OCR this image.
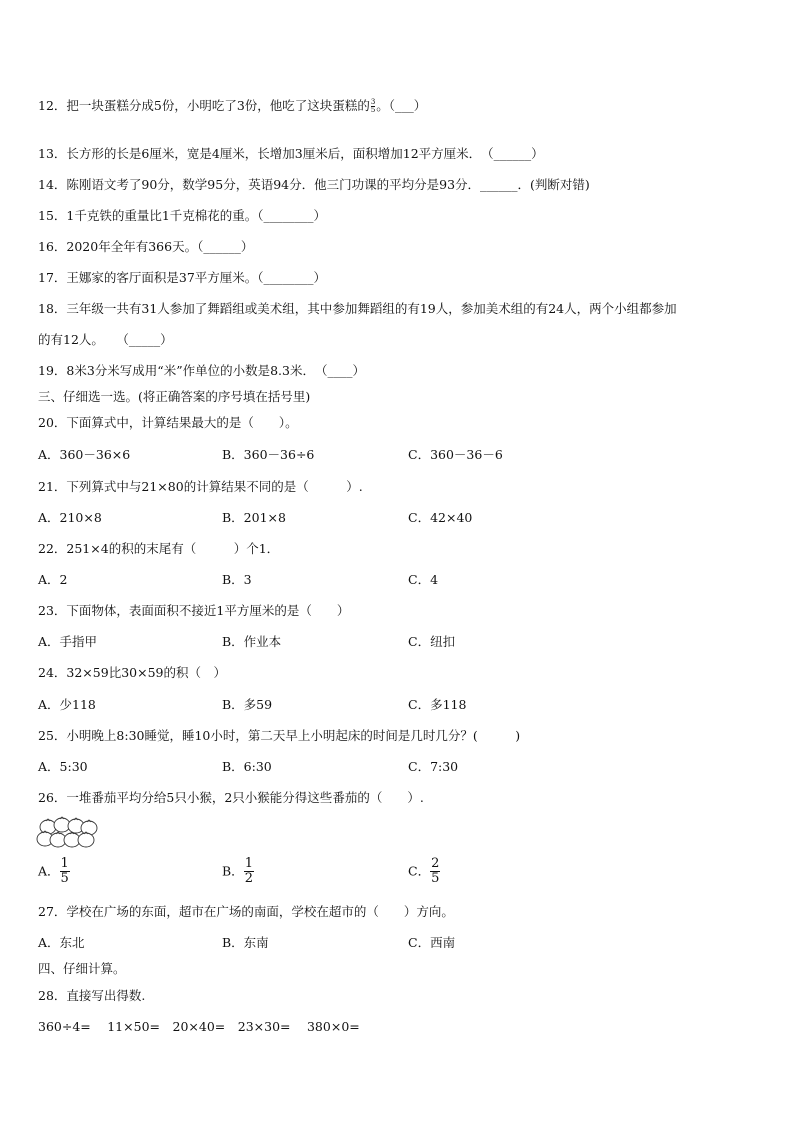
12．把一块蛋糕分成5份，小明吃了3份，他吃了这块蛋糕的$\frac{3}{5}$ 。（___）
13．长方形的长是6厘米，宽是4厘米，长增加3厘米后，面积增加12平方厘米．　（______）
14．陈刚语文考了90分，数学95分，英语94分．他三门功课的平均分是93分．______．(判断对错)
15．1千克铁的重量比1千克棉花的重。（________）
16．2020年全年有366天。（______）
17．王娜家的客厅面积是37平方厘米。（________）
18．三年级一共有31人参加了舞蹈组或美术组，其中参加舞蹈组的有19人，参加美术组的有24人，两个小组都参加
的有12人。　　（_____）
19．8米3分米写成用“米”作单位的小数是8.3米．　（____）
三、仔细选一选。(将正确答案的序号填在括号里)
20．下面算式中，计算结果最大的是（　　）。
A．360－36×6	B．360－36÷6	C．360－36－6
21．下列算式中与21×80的计算结果不同的是（　　　）.
A．210×8	B．201×8	C．42×40
22．251×4的积的末尾有（　　　）个1．
A．2	B．3	C．4
23．下面物体，表面面积不接近1平方厘米的是（　　）
A．手指甲	B．作业本	C．纽扣
24．32×59比30×59的积（　）
A．少118	B．多59	C．多118
25．小明晚上8:30睡觉，睡10小时，第二天早上小明起床的时间是几时几分？(　　　)
A．5:30	B．6:30	C．7:30
26．一堆番茄平均分给5只小猴，2只小猴能分得这些番茄的（　　）.
A． $\frac{1}{5}$	B． $\frac{1}{2}$	C． $\frac{2}{5}$
27．学校在广场的东面，超市在广场的南面，学校在超市的（　　）方向。
A．东北	B．东南	C．西南
四、仔细计算。
28．直接写出得数.
360÷4=　 11×50=　20×40=　23×30=　 380×0=
